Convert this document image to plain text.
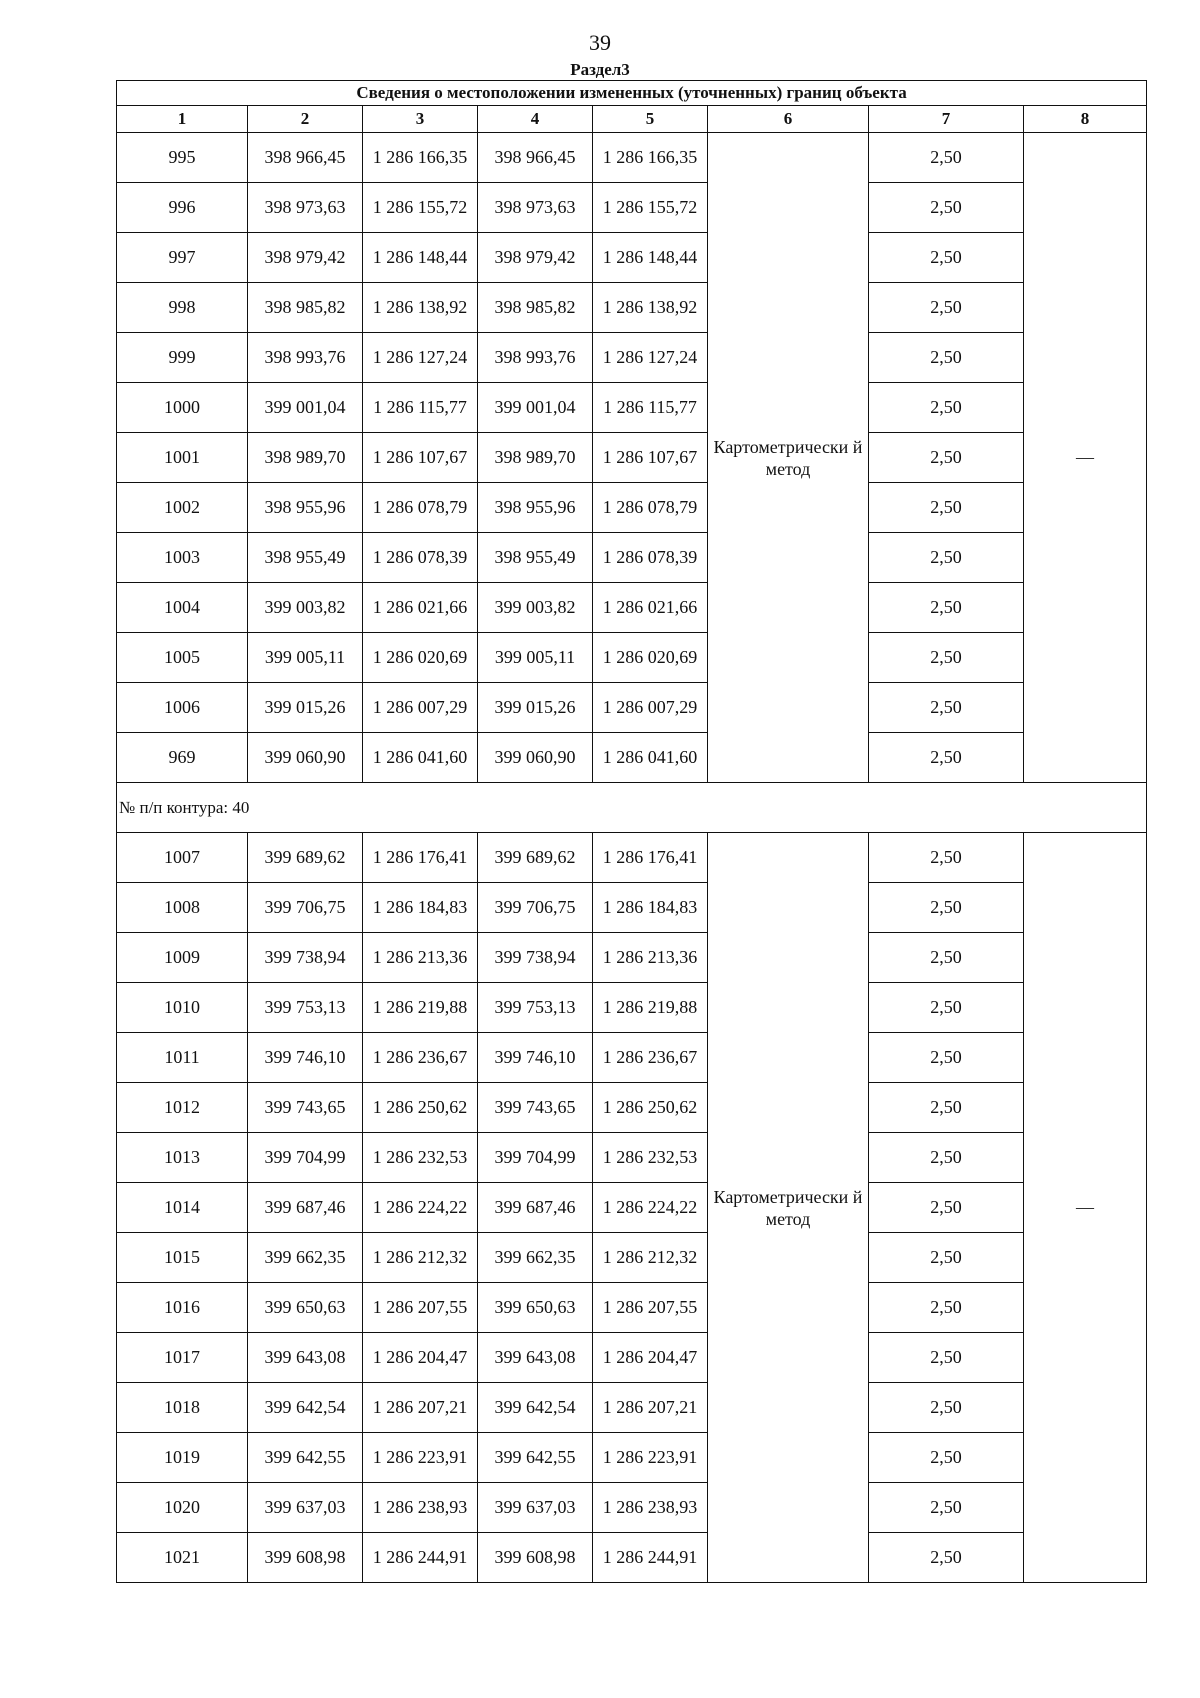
39
Раздел3
Сведения о местоположении измененных (уточненных) границ объекта							
1	2	3	4	5	6	7	8
995	398 966,45	1 286 166,35	398 966,45	1 286 166,35	Картометрически й метод	2,50	—
996	398 973,63	1 286 155,72	398 973,63	1 286 155,72		2,50	
997	398 979,42	1 286 148,44	398 979,42	1 286 148,44		2,50	
998	398 985,82	1 286 138,92	398 985,82	1 286 138,92		2,50	
999	398 993,76	1 286 127,24	398 993,76	1 286 127,24		2,50	
1000	399 001,04	1 286 115,77	399 001,04	1 286 115,77		2,50	
1001	398 989,70	1 286 107,67	398 989,70	1 286 107,67		2,50	
1002	398 955,96	1 286 078,79	398 955,96	1 286 078,79		2,50	
1003	398 955,49	1 286 078,39	398 955,49	1 286 078,39		2,50	
1004	399 003,82	1 286 021,66	399 003,82	1 286 021,66		2,50	
1005	399 005,11	1 286 020,69	399 005,11	1 286 020,69		2,50	
1006	399 015,26	1 286 007,29	399 015,26	1 286 007,29		2,50	
969	399 060,90	1 286 041,60	399 060,90	1 286 041,60		2,50	
№ п/п контура: 40							
1007	399 689,62	1 286 176,41	399 689,62	1 286 176,41	Картометрически й метод	2,50	—
1008	399 706,75	1 286 184,83	399 706,75	1 286 184,83		2,50	
1009	399 738,94	1 286 213,36	399 738,94	1 286 213,36		2,50	
1010	399 753,13	1 286 219,88	399 753,13	1 286 219,88		2,50	
1011	399 746,10	1 286 236,67	399 746,10	1 286 236,67		2,50	
1012	399 743,65	1 286 250,62	399 743,65	1 286 250,62		2,50	
1013	399 704,99	1 286 232,53	399 704,99	1 286 232,53		2,50	
1014	399 687,46	1 286 224,22	399 687,46	1 286 224,22		2,50	
1015	399 662,35	1 286 212,32	399 662,35	1 286 212,32		2,50	
1016	399 650,63	1 286 207,55	399 650,63	1 286 207,55		2,50	
1017	399 643,08	1 286 204,47	399 643,08	1 286 204,47		2,50	
1018	399 642,54	1 286 207,21	399 642,54	1 286 207,21		2,50	
1019	399 642,55	1 286 223,91	399 642,55	1 286 223,91		2,50	
1020	399 637,03	1 286 238,93	399 637,03	1 286 238,93		2,50	
1021	399 608,98	1 286 244,91	399 608,98	1 286 244,91		2,50	
